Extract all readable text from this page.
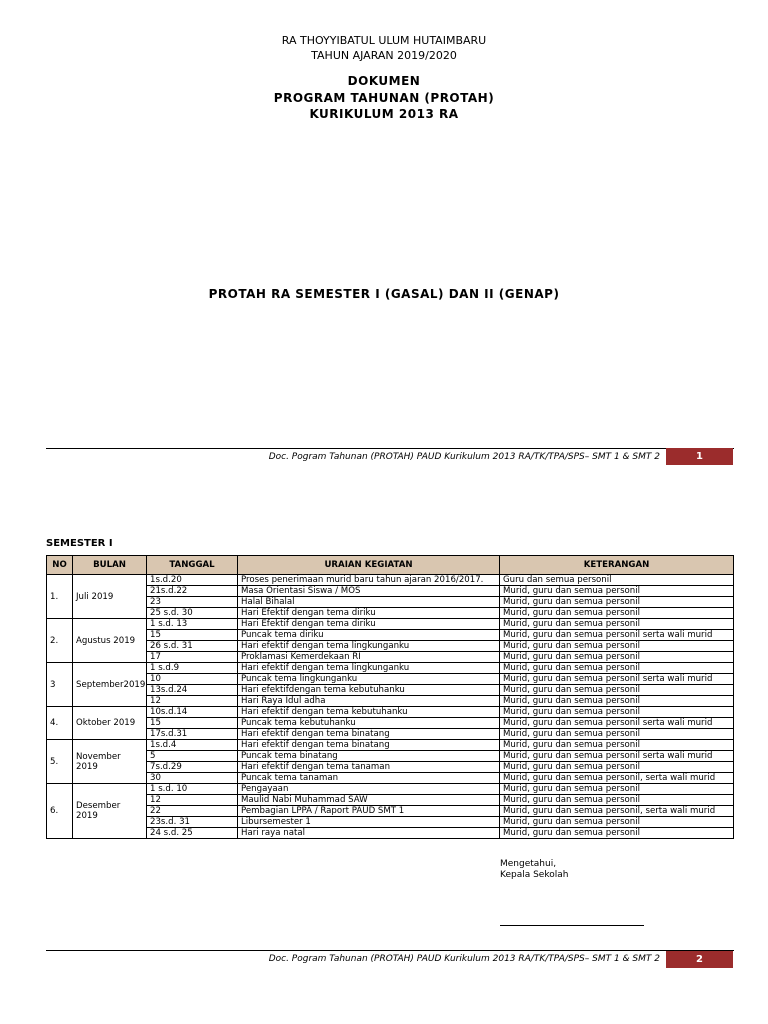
RA THOYYIBATUL ULUM HUTAIMBARU
TAHUN AJARAN 2019/2020
DOKUMEN
PROGRAM TAHUNAN (PROTAH)
KURIKULUM 2013 RA
PROTAH RA SEMESTER I (GASAL) DAN II (GENAP)
Doc. Pogram Tahunan (PROTAH) PAUD Kurikulum 2013 RA/TK/TPA/SPS– SMT 1 & SMT 2	1
SEMESTER I
NO	BULAN	TANGGAL	URAIAN KEGIATAN	KETERANGAN
1.	Juli 2019	1s.d.20	Proses penerimaan murid baru tahun ajaran 2016/2017.	Guru dan semua personil
		21s.d.22	Masa Orientasi Siswa / MOS	Murid, guru dan semua personil
		23	Halal Bihalal	Murid, guru dan semua personil
		25 s.d. 30	Hari Efektif dengan tema diriku	Murid, guru dan semua personil
2.	Agustus 2019	1 s.d. 13	Hari Efektif dengan tema diriku	Murid, guru dan semua personil
		15	Puncak tema diriku	Murid, guru dan semua personil serta wali murid
		26 s.d. 31	Hari efektif dengan tema lingkunganku	Murid, guru dan semua personil
		17	Proklamasi Kemerdekaan RI	Murid, guru dan semua personil
3	September2019	1 s.d.9	Hari efektif dengan tema lingkunganku	Murid, guru dan semua personil
		10	Puncak tema lingkunganku	Murid, guru dan semua personil serta wali murid
		13s.d.24	Hari efektifdengan tema kebutuhanku	Murid, guru dan semua personil
		12	Hari Raya Idul adha	Murid, guru dan semua personil
4.	Oktober 2019	10s.d.14	Hari efektif dengan tema kebutuhanku	Murid, guru dan semua personil
		15	Puncak tema kebutuhanku	Murid, guru dan semua personil serta wali murid
		17s.d.31	Hari efektif dengan tema binatang	Murid, guru dan semua personil
5.	November 2019	1s.d.4	Hari efektif dengan tema binatang	Murid, guru dan semua personil
		5	Puncak tema binatang	Murid, guru dan semua personil serta wali murid
		7s.d.29	Hari efektif dengan tema tanaman	Murid, guru dan semua personil
		30	Puncak tema tanaman	Murid, guru dan semua personil, serta wali murid
6.	Desember 2019	1 s.d. 10	Pengayaan	Murid, guru dan semua personil
		12	Maulid Nabi Muhammad SAW	Murid, guru dan semua personil
		22	Pembagian LPPA / Raport PAUD SMT 1	Murid, guru dan semua personil, serta wali murid
		23s.d. 31	Libursemester 1	Murid, guru dan semua personil
		24 s.d. 25	Hari raya natal	Murid, guru dan semua personil
Mengetahui,
Kepala Sekolah
Doc. Pogram Tahunan (PROTAH) PAUD Kurikulum 2013 RA/TK/TPA/SPS– SMT 1 & SMT 2	2
